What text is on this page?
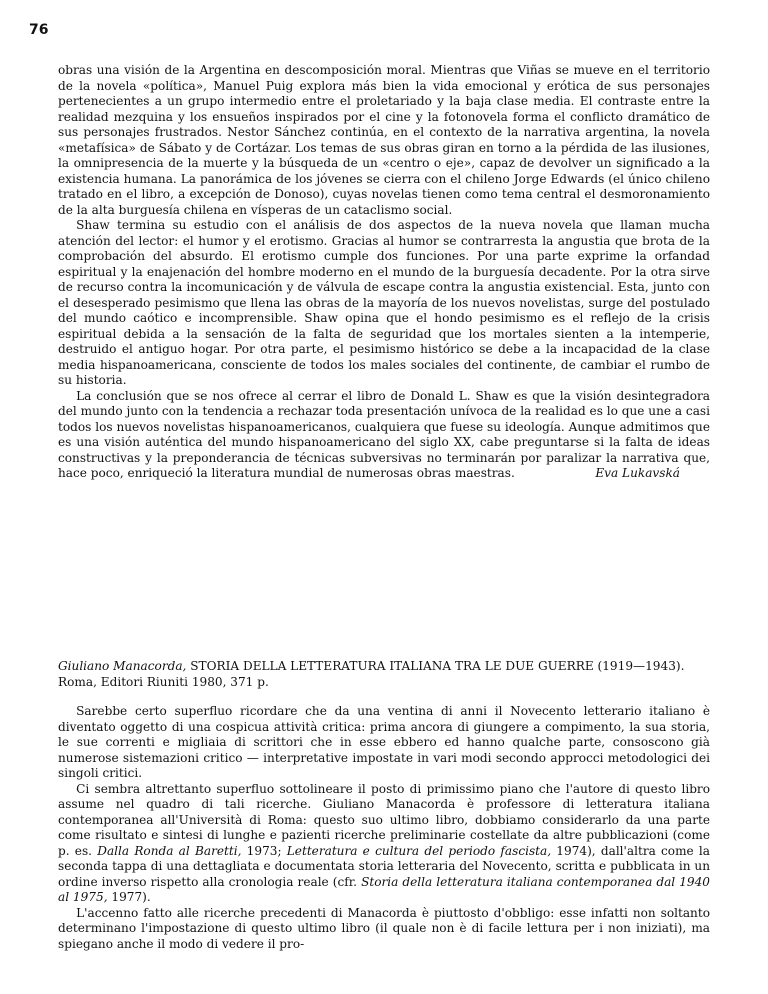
76

obras una visión de la Argentina en descomposición moral. Mientras que Viñas se mueve en el territorio de la novela «política», Manuel Puig explora más bien la vida emocional y erótica de sus personajes pertenecientes a un grupo intermedio entre el proletariado y la baja clase media. El contraste entre la realidad mezquina y los ensueños inspirados por el cine y la fotonovela forma el conflicto dramático de sus personajes frustrados. Nestor Sánchez continúa, en el contexto de la narrativa argentina, la novela «metafísica» de Sábato y de Cortázar. Los temas de sus obras giran en torno a la pérdida de las ilusiones, la omnipresencia de la muerte y la búsqueda de un «centro o eje», capaz de devolver un significado a la existencia humana. La panorámica de los jóvenes se cierra con el chileno Jorge Edwards (el único chileno tratado en el libro, a excepción de Donoso), cuyas novelas tienen como tema central el desmoronamiento de la alta burguesía chilena en vísperas de un cataclismo social.

Shaw termina su estudio con el análisis de dos aspectos de la nueva novela que llaman mucha atención del lector: el humor y el erotismo. Gracias al humor se contrarresta la angustia que brota de la comprobación del absurdo. El erotismo cumple dos funciones. Por una parte exprime la orfandad espiritual y la enajenación del hombre moderno en el mundo de la burguesía decadente. Por la otra sirve de recurso contra la incomunicación y de válvula de escape contra la angustia existencial. Esta, junto con el desesperado pesimismo que llena las obras de la mayoría de los nuevos novelistas, surge del postulado del mundo caótico e incomprensible. Shaw opina que el hondo pesimismo es el reflejo de la crisis espiritual debida a la sensación de la falta de seguridad que los mortales sienten a la intemperie, destruido el antiguo hogar. Por otra parte, el pesimismo histórico se debe a la incapacidad de la clase media hispanoamericana, consciente de todos los males sociales del continente, de cambiar el rumbo de su historia.

La conclusión que se nos ofrece al cerrar el libro de Donald L. Shaw es que la visión desintegradora del mundo junto con la tendencia a rechazar toda presentación unívoca de la realidad es lo que une a casi todos los nuevos novelistas hispanoamericanos, cualquiera que fuese su ideología. Aunque admitimos que es una visión auténtica del mundo hispanoamericano del siglo XX, cabe preguntarse si la falta de ideas constructivas y la preponderancia de técnicas subversivas no terminarán por paralizar la narrativa que, hace poco, enriqueció la literatura mundial de numerosas obras maestras.	Eva Lukavská

Giuliano Manacorda, STORIA DELLA LETTERATURA ITALIANA TRA LE DUE GUERRE (1919—1943). Roma, Editori Riuniti 1980, 371 p.

Sarebbe certo superfluo ricordare che da una ventina di anni il Novecento letterario italiano è diventato oggetto di una cospicua attività critica: prima ancora di giungere a compimento, la sua storia, le sue correnti e migliaia di scrittori che in esse ebbero ed hanno qualche parte, consoscono già numerose sistemazioni critico — interpretative impostate in vari modi secondo approcci metodologici dei singoli critici.

Ci sembra altrettanto superfluo sottolineare il posto di primissimo piano che l'autore di questo libro assume nel quadro di tali ricerche. Giuliano Manacorda è professore di letteratura italiana contemporanea all'Università di Roma: questo suo ultimo libro, dobbiamo considerarlo da una parte come risultato e sintesi di lunghe e pazienti ricerche preliminarie costellate da altre pubblicazioni (come p. es. Dalla Ronda al Baretti, 1973; Letteratura e cultura del periodo fascista, 1974), dall'altra come la seconda tappa di una dettagliata e documentata storia letteraria del Novecento, scritta e pubblicata in un ordine inverso rispetto alla cronologia reale (cfr. Storia della letteratura italiana contemporanea dal 1940 al 1975, 1977).

L'accenno fatto alle ricerche precedenti di Manacorda è piuttosto d'obbligo: esse infatti non soltanto determinano l'impostazione di questo ultimo libro (il quale non è di facile lettura per i non iniziati), ma spiegano anche il modo di vedere il pro-
